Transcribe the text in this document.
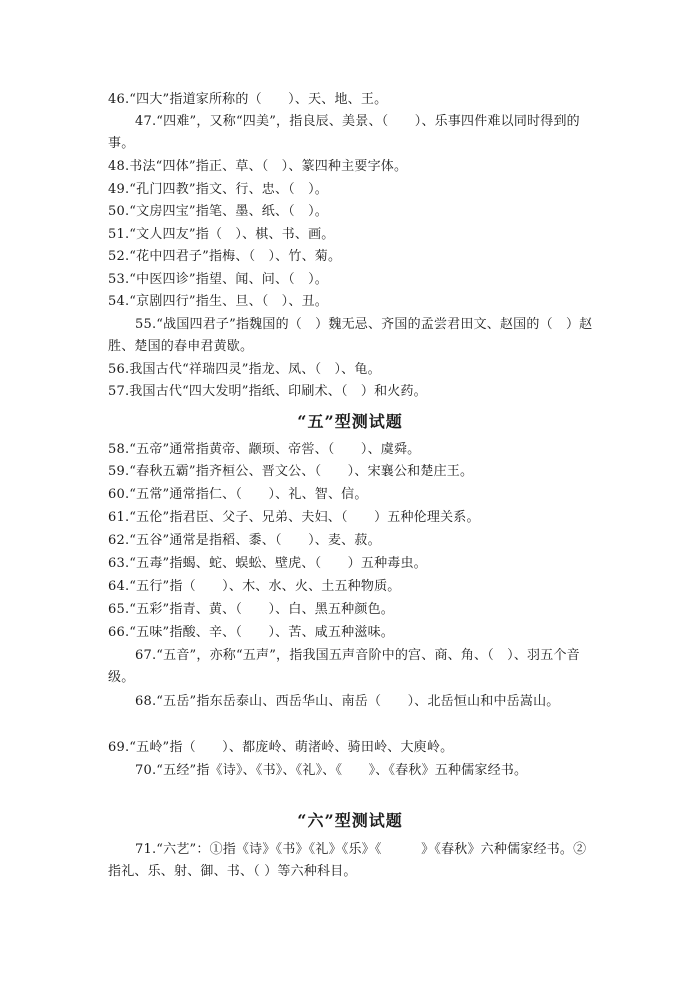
46.“四大”指道家所称的（　　）、天、地、王。
47.“四难”，又称“四美”，指良辰、美景、（　　）、乐事四件难以同时得到的事。
48.书法“四体”指正、草、（　）、篆四种主要字体。
49.“孔门四教”指文、行、忠、（　）。
50.“文房四宝”指笔、墨、纸、（　）。
51.“文人四友”指（　）、棋、书、画。
52.“花中四君子”指梅、（　）、竹、菊。
53.“中医四诊”指望、闻、问、（　）。
54.“京剧四行”指生、旦、（　）、丑。
55.“战国四君子”指魏国的（　）魏无忌、齐国的孟尝君田文、赵国的（　）赵胜、楚国的春申君黄歇。
56.我国古代“祥瑞四灵”指龙、凤、（　）、龟。
57.我国古代“四大发明”指纸、印刷术、（　）和火药。
“五”型测试题
58.“五帝”通常指黄帝、颛顼、帝喾、（　　）、虞舜。
59.“春秋五霸”指齐桓公、晋文公、（　　）、宋襄公和楚庄王。
60.“五常”通常指仁、（　　）、礼、智、信。
61.“五伦”指君臣、父子、兄弟、夫妇、（　　）五种伦理关系。
62.“五谷”通常是指稻、黍、（　　）、麦、菽。
63.“五毒”指蝎、蛇、蜈蚣、壁虎、（　　）五种毒虫。
64.“五行”指（　　）、木、水、火、土五种物质。
65.“五彩”指青、黄、（　　）、白、黑五种颜色。
66.“五味”指酸、辛、（　　）、苦、咸五种滋味。
67.“五音”，亦称“五声”，指我国五声音阶中的宫、商、角、（　）、羽五个音级。
68.“五岳”指东岳泰山、西岳华山、南岳（　　）、北岳恒山和中岳嵩山。
69.“五岭”指（　　）、都庞岭、萌渚岭、骑田岭、大庾岭。
70.“五经”指《诗》、《书》、《礼》、《　　》、《春秋》五种儒家经书。
“六”型测试题
71.“六艺”：①指《诗》《书》《礼》《乐》《　　　》《春秋》六种儒家经书。②指礼、乐、射、御、书、（ ）等六种科目。
